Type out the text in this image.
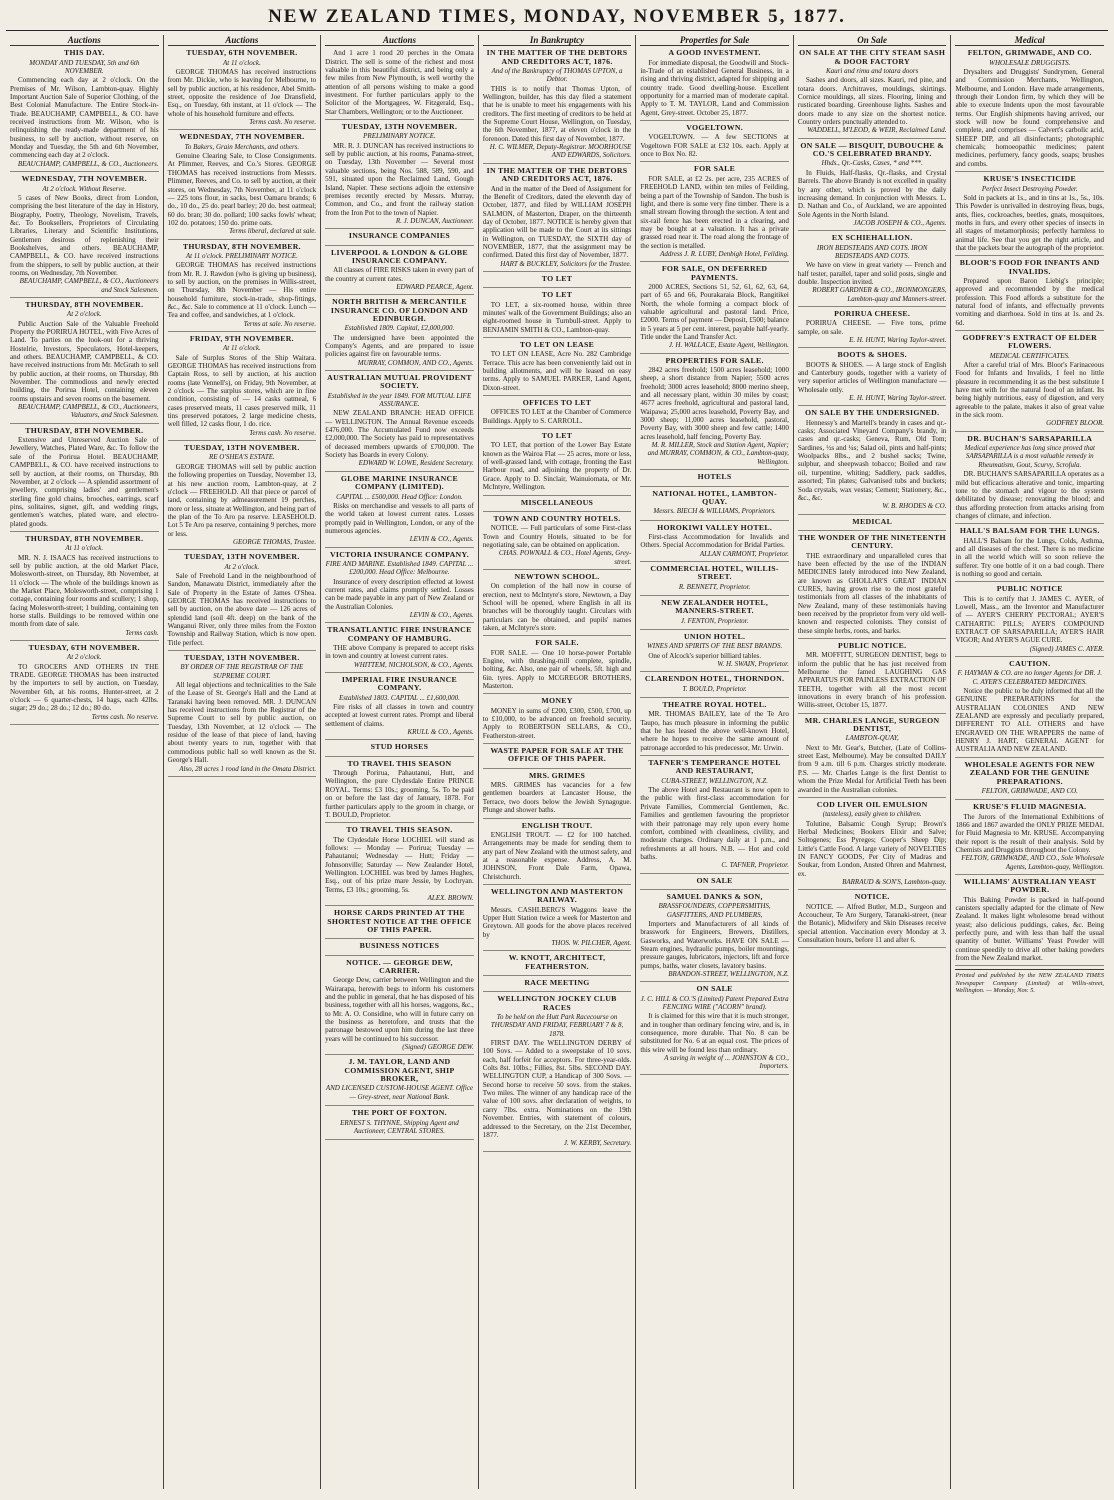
NEW ZEALAND TIMES, MONDAY, NOVEMBER 5, 1877.
Auctions
THIS DAY.
MONDAY AND TUESDAY, 5th and 6th NOVEMBER.
Commencing each day at 2 o'clock. On the Premises of Mr. Wilson, Lambton-quay. Highly Important Auction Sale of Superior Clothing, of the Best Colonial Manufacture. The Entire Stock-in-Trade. BEAUCHAMP, CAMPBELL, & CO. have received instructions from Mr. Wilson, who is relinquishing the ready-made department of his business, to sell by auction, without reserve, on Monday and Tuesday, the 5th and 6th November, commencing each day at 2 o'clock.
BEAUCHAMP, CAMPBELL, & CO., Auctioneers.
WEDNESDAY, 7TH NOVEMBER.
At 2 o'clock. Without Reserve.
5 cases of New Books, direct from London, comprising the best literature of the day in History, Biography, Poetry, Theology, Novelism, Travels, &c. To Booksellers, Proprietors of Circulating Libraries, Literary and Scientific Institutions, Gentlemen desirous of replenishing their Bookshelves, and others. BEAUCHAMP, CAMPBELL, & CO. have received instructions from the shippers, to sell by public auction, at their rooms, on Wednesday, 7th November.
BEAUCHAMP, CAMPBELL, & CO., Auctioneers and Stock Salesmen.
THURSDAY, 8TH NOVEMBER.
At 2 o'clock.
Public Auction Sale of the Valuable Freehold Property the PORIRUA HOTEL, with Five Acres of Land. To parties on the look-out for a thriving Hostelrie, Investors, Speculators, Hotel-keepers, and others. BEAUCHAMP, CAMPBELL, & CO. have received instructions from Mr. McGrath to sell by public auction, at their rooms, on Thursday, 8th November. The commodious and newly erected building, the Porirua Hotel, containing eleven rooms upstairs and seven rooms on the basement.
BEAUCHAMP, CAMPBELL, & CO., Auctioneers, Valuators, and Stock Salesmen.
THURSDAY, 8TH NOVEMBER.
Extensive and Unreserved Auction Sale of Jewellery, Watches, Plated Ware, &c. To follow the sale of the Porirua Hotel. BEAUCHAMP, CAMPBELL, & CO. have received instructions to sell by auction, at their rooms, on Thursday, 8th November, at 2 o'clock — A splendid assortment of jewellery, comprising ladies' and gentlemen's sterling fine gold chains, brooches, earrings, scarf pins, solitaires, signet, gift, and wedding rings, gentlemen's watches, plated ware, and electro-plated goods.
THURSDAY, 8TH NOVEMBER.
At 11 o'clock.
MR. N. J. ISAACS has received instructions to sell by public auction, at the old Market Place, Molesworth-street, on Thursday, 8th November, at 11 o'clock — The whole of the buildings known as the Market Place, Molesworth-street, comprising 1 cottage, containing four rooms and scullery; 1 shop, facing Molesworth-street; 1 building, containing ten horse stalls. Buildings to be removed within one month from date of sale.
Terms cash.
TUESDAY, 6TH NOVEMBER.
At 2 o'clock.
TO GROCERS AND OTHERS IN THE TRADE. GEORGE THOMAS has been instructed by the importers to sell by auction, on Tuesday, November 6th, at his rooms, Hunter-street, at 2 o'clock — 6 quarter-chests, 14 bags, each 42lbs. sugar; 29 do.; 28 do.; 12 do.; 80 do.
Terms cash. No reserve.
Auctions
TUESDAY, 6TH NOVEMBER.
At 11 o'clock.
GEORGE THOMAS has received instructions from Mr. Dickie, who is leaving for Melbourne, to sell by public auction, at his residence, Abel Smith-street, opposite the residence of Joe Dransfield, Esq., on Tuesday, 6th instant, at 11 o'clock — The whole of his household furniture and effects.
Terms cash. No reserve.
WEDNESDAY, 7TH NOVEMBER.
To Bakers, Grain Merchants, and others.
Genuine Clearing Sale, to Close Consignments. At Plimmer, Reeves, and Co.'s Stores. GEORGE THOMAS has received instructions from Messrs. Plimmer, Reeves, and Co. to sell by auction, at their stores, on Wednesday, 7th November, at 11 o'clock — 225 tons flour, in sacks, best Oamaru brands; 6 do., 10 do., 25 do. pearl barley; 20 do. best oatmeal; 60 do. bran; 30 do. pollard; 100 sacks fowls' wheat; 102 do. potatoes; 150 do. prime oats.
Terms liberal, declared at sale.
THURSDAY, 8TH NOVEMBER.
At 11 o'clock. PRELIMINARY NOTICE.
GEORGE THOMAS has received instructions from Mr. R. J. Rawdon (who is giving up business), to sell by auction, on the premises in Willis-street, on Thursday, 8th November — His entire household furniture, stock-in-trade, shop-fittings, &c., &c. Sale to commence at 11 o'clock. Lunch — Tea and coffee, and sandwiches, at 1 o'clock.
Terms at sale. No reserve.
FRIDAY, 9TH NOVEMBER.
At 11 o'clock.
Sale of Surplus Stores of the Ship Waitara. GEORGE THOMAS has received instructions from Captain Ross, to sell by auction, at his auction rooms (late Vennell's), on Friday, 9th November, at 2 o'clock — The surplus stores, which are in fine condition, consisting of — 14 casks oatmeal, 6 cases preserved meats, 11 cases preserved milk, 11 tins preserved potatoes, 2 large medicine chests, well filled, 12 casks flour, 1 do. rice.
Terms cash. No reserve.
TUESDAY, 13TH NOVEMBER.
RE O'SHEA'S ESTATE.
GEORGE THOMAS will sell by public auction the following properties on Tuesday, November 13, at his new auction room, Lambton-quay, at 2 o'clock — FREEHOLD. All that piece or parcel of land, containing by admeasurement 19 perches, more or less, situate at Wellington, and being part of the plan of the To Aro pa reserve. LEASEHOLD. Lot 5 Te Aro pa reserve, containing 9 perches, more or less.
GEORGE THOMAS, Trustee.
TUESDAY, 13TH NOVEMBER.
At 2 o'clock.
Sale of Freehold Land in the neighbourhood of Sandon, Manawatu District, immediately after the Sale of Property in the Estate of James O'Shea. GEORGE THOMAS has received instructions to sell by auction, on the above date — 126 acres of splendid land (soil 4ft. deep) on the bank of the Wanganui River, only three miles from the Foxton Township and Railway Station, which is now open. Title perfect.
TUESDAY, 13TH NOVEMBER.
BY ORDER OF THE REGISTRAR OF THE SUPREME COURT.
All legal objections and technicalities to the Sale of the Lease of St. George's Hall and the Land at Taranaki having been removed. MR. J. DUNCAN has received instructions from the Registrar of the Supreme Court to sell by public auction, on Tuesday, 13th November, at 12 o'clock — The residue of the lease of that piece of land, having about twenty years to run, together with that commodious public hall so well known as the St. George's Hall.
Also, 28 acres 1 rood land in the Omata District.
Auctions
And 1 acre 1 rood 20 perches in the Omata District. The sell is some of the richest and most valuable in this beautiful district, and being only a few miles from New Plymouth, is well worthy the attention of all persons wishing to make a good investment. For further particulars apply to the Solicitor of the Mortgagees, W. Fitzgerald, Esq., Star Chambers, Wellington; or to the Auctioneer.
TUESDAY, 13TH NOVEMBER.
PRELIMINARY NOTICE.
MR. R. J. DUNCAN has received instructions to sell by public auction, at his rooms, Panama-street, on Tuesday, 13th November — Several most valuable sections, being Nos. 588, 589, 590, and 591, situated upon the Reclaimed Land, Gough Island, Napier. These sections adjoin the extensive premises recently erected by Messrs. Murray, Common, and Co., and front the railway station from the Iron Pot to the town of Napier.
R. J. DUNCAN, Auctioneer.
INSURANCE COMPANIES
LIVERPOOL & LONDON & GLOBE INSURANCE COMPANY.
All classes of FIRE RISKS taken in every part of the country at current rates.
EDWARD PEARCE, Agent.
NORTH BRITISH & MERCANTILE INSURANCE CO. OF LONDON AND EDINBURGH.
Established 1809. Capital, £2,000,000.
The undersigned have been appointed the Company's Agents, and are prepared to issue policies against fire on favourable terms.
MURRAY, COMMON, AND CO., Agents.
AUSTRALIAN MUTUAL PROVIDENT SOCIETY.
Established in the year 1849. FOR MUTUAL LIFE ASSURANCE.
NEW ZEALAND BRANCH: HEAD OFFICE — WELLINGTON. The Annual Revenue exceeds £476,000. The Accumulated Fund now exceeds £2,000,000. The Society has paid to representatives of deceased members upwards of £700,000. The Society has Boards in every Colony.
EDWARD W. LOWE, Resident Secretary.
GLOBE MARINE INSURANCE COMPANY (LIMITED).
CAPITAL ... £500,000. Head Office: London.
Risks on merchandise and vessels to all parts of the world taken at lowest current rates. Losses promptly paid in Wellington, London, or any of the numerous agencies.
LEVIN & CO., Agents.
VICTORIA INSURANCE COMPANY.
FIRE AND MARINE. Established 1849. CAPITAL ... £200,000. Head Office: Melbourne.
Insurance of every description effected at lowest current rates, and claims promptly settled. Losses can be made payable in any part of New Zealand or the Australian Colonies.
LEVIN & CO., Agents.
TRANSATLANTIC FIRE INSURANCE COMPANY OF HAMBURG.
THE above Company is prepared to accept risks in town and country at lowest current rates.
WHITTEM, NICHOLSON, & CO., Agents.
IMPERIAL FIRE INSURANCE COMPANY.
Established 1803. CAPITAL ... £1,600,000.
Fire risks of all classes in town and country accepted at lowest current rates. Prompt and liberal settlement of claims.
KRULL & CO., Agents.
STUD HORSES
TO TRAVEL THIS SEASON
Through Porirua, Pahautanui, Hutt, and Wellington, the pure Clydesdale Entire PRINCE ROYAL. Terms: £3 10s.; grooming, 5s. To be paid on or before the last day of January, 1878. For further particulars apply to the groom in charge, or T. BOULD, Proprietor.
TO TRAVEL THIS SEASON.
The Clydesdale Horse LOCHIEL will stand as follows: — Monday — Porirua; Tuesday — Pahautanui; Wednesday — Hutt; Friday — Johnsonville; Saturday — New Zealander Hotel, Wellington. LOCHIEL was bred by James Hughes, Esq., out of his prize mare Jessie, by Lochryan. Terms, £3 10s.; grooming, 5s.
ALEX. BROWN.
HORSE CARDS PRINTED AT THE SHORTEST NOTICE AT THE OFFICE OF THIS PAPER.
BUSINESS NOTICES
NOTICE. — GEORGE DEW, CARRIER.
George Dew, carrier between Wellington and the Wairarapa, herewith begs to inform his customers and the public in general, that he has disposed of his business, together with all his horses, waggons, &c., to Mr. A. O. Considine, who will in future carry on the business as heretofore, and trusts that the patronage bestowed upon him during the last three years will be continued to his successor.
(Signed) GEORGE DEW.
J. M. TAYLOR, LAND AND COMMISSION AGENT, SHIP BROKER,
AND LICENSED CUSTOM-HOUSE AGENT. Office — Grey-street, near National Bank.
THE PORT OF FOXTON.
ERNEST S. THYNNE, Shipping Agent and Auctioneer, CENTRAL STORES.
In Bankruptcy
IN THE MATTER OF THE DEBTORS AND CREDITORS ACT, 1876.
And of the Bankruptcy of THOMAS UPTON, a Debtor.
THIS is to notify that Thomas Upton, of Wellington, builder, has this day filed a statement that he is unable to meet his engagements with his creditors. The first meeting of creditors to be held at the Supreme Court House, Wellington, on Tuesday, the 6th November, 1877, at eleven o'clock in the forenoon. Dated this first day of November, 1877.
H. C. WILMER, Deputy-Registrar. MOORHOUSE AND EDWARDS, Solicitors.
IN THE MATTER OF THE DEBTORS AND CREDITORS ACT, 1876.
And in the matter of the Deed of Assignment for the Benefit of Creditors, dated the eleventh day of October, 1877, and filed by WILLIAM JOSEPH SALMON, of Masterton, Draper, on the thirteenth day of October, 1877. NOTICE is hereby given that application will be made to the Court at its sittings in Wellington, on TUESDAY, the SIXTH day of NOVEMBER, 1877, that the assignment may be confirmed. Dated this first day of November, 1877.
HART & BUCKLEY, Solicitors for the Trustee.
TO LET
TO LET
TO LET, a six-roomed house, within three minutes' walk of the Government Buildings; also an eight-roomed house in Turnbull-street. Apply to BENJAMIN SMITH & CO., Lambton-quay.
TO LET ON LEASE
TO LET ON LEASE, Acre No. 282 Cambridge Terrace. This acre has been conveniently laid out in building allotments, and will be leased on easy terms. Apply to SAMUEL PARKER, Land Agent, Dixon-street.
OFFICES TO LET
OFFICES TO LET at the Chamber of Commerce Buildings. Apply to S. CARROLL.
TO LET
TO LET, that portion of the Lower Bay Estate known as the Wairoa Flat — 25 acres, more or less, of well-grassed land, with cottage, fronting the East Harbour road, and adjoining the property of Dr. Grace. Apply to D. Sinclair, Wainuiomata, or Mr. McIntyre, Wellington.
MISCELLANEOUS
TOWN AND COUNTRY HOTELS.
NOTICE. — Full particulars of some First-class Town and Country Hotels, situated to be for negotiating sale, can be obtained on application.
CHAS. POWNALL & CO., Hotel Agents, Grey-street.
NEWTOWN SCHOOL.
On completion of the hall now in course of erection, next to McIntyre's store, Newtown, a Day School will be opened, where English in all its branches will be thoroughly taught. Circulars with particulars can be obtained, and pupils' names taken, at McIntyre's store.
FOR SALE.
FOR SALE. — One 10 horse-power Portable Engine, with thrashing-mill complete, spindle, bolting, &c. Also, one pair of wheels, 5ft. high and 6in. tyres. Apply to MCGREGOR BROTHERS, Masterton.
MONEY
MONEY in sums of £200, £300, £500, £700, up to £10,000, to be advanced on freehold security. Apply to ROBERTSON SELLARS, & CO., Featherston-street.
WASTE PAPER FOR SALE AT THE OFFICE OF THIS PAPER.
MRS. GRIMES
MRS. GRIMES has vacancies for a few gentlemen boarders at Lancaster House, the Terrace, two doors below the Jewish Synagogue. Plunge and shower baths.
ENGLISH TROUT.
ENGLISH TROUT. — £2 for 100 hatched. Arrangements may be made for sending them to any part of New Zealand with the utmost safety, and at a reasonable expense. Address, A. M. JOHNSON, Front Dale Farm, Opawa, Christchurch.
WELLINGTON AND MASTERTON RAILWAY.
Messrs. CASHLBERG'S Waggons leave the Upper Hutt Station twice a week for Masterton and Greytown. All goods for the above places received by
THOS. W. PILCHER, Agent.
W. KNOTT, ARCHITECT, FEATHERSTON.
RACE MEETING
WELLINGTON JOCKEY CLUB RACES
To be held on the Hutt Park Racecourse on THURSDAY AND FRIDAY, FEBRUARY 7 & 8, 1878.
FIRST DAY. The WELLINGTON DERBY of 100 Sovs. — Added to a sweepstake of 10 sovs. each, half forfeit for acceptors. For three-year-olds. Colts 8st. 10lbs.; Fillies, 8st. 5lbs. SECOND DAY. WELLINGTON CUP, a Handicap of 300 Sovs. — Second horse to receive 50 sovs. from the stakes. Two miles. The winner of any handicap race of the value of 100 sovs. after declaration of weights, to carry 7lbs. extra. Nominations on the 19th November. Entries, with statement of colours, addressed to the Secretary, on the 21st December, 1877.
J. W. KERBY, Secretary.
Properties for Sale
A GOOD INVESTMENT.
For immediate disposal, the Goodwill and Stock-in-Trade of an established General Business, in a rising and thriving district, adapted for shipping and country trade. Good dwelling-house. Excellent opportunity for a married man of moderate capital. Apply to T. M. TAYLOR, Land and Commission Agent, Grey-street. October 25, 1877.
VOGELTOWN.
VOGELTOWN. — A few SECTIONS at Vogeltown FOR SALE at £32 10s. each. Apply at once to Box No. 82.
FOR SALE
FOR SALE, at £2 2s. per acre, 235 ACRES of FREEHOLD LAND, within ten miles of Feilding, being a part of the Township of Sandon. The bush is light, and there is some very fine timber. There is a small stream flowing through the section. A tent and six-rail fence has been erected in a clearing, and may be bought at a valuation. It has a private grassed road near it. The road along the frontage of the section is metalled.
Address J. R. LUBY, Denbigh Hotel, Feilding.
FOR SALE, ON DEFERRED PAYMENTS.
2000 ACRES, Sections 51, 52, 61, 62, 63, 64, part of 65 and 66, Pourakaraia Block, Rangitikei North, the whole forming a compact block of valuable agricultural and pastoral land. Price, £2000. Terms of payment — Deposit, £500; balance in 5 years at 5 per cent. interest, payable half-yearly. Title under the Land Transfer Act.
J. H. WALLACE, Estate Agent, Wellington.
PROPERTIES FOR SALE.
2842 acres freehold; 1500 acres leasehold; 1000 sheep, a short distance from Napier; 5500 acres freehold; 3000 acres leasehold; 8000 merino sheep, and all necessary plant, within 30 miles by coast; 4677 acres freehold, agricultural and pastoral land, Waipawa; 25,000 acres leasehold, Poverty Bay, and 3000 sheep; 11,000 acres leasehold, pastoral, Poverty Bay, with 3000 sheep and few cattle; 1400 acres leasehold, half fencing, Poverty Bay.
M. R. MILLER, Stock and Station Agent, Napier; and MURRAY, COMMON, & CO., Lambton-quay, Wellington.
HOTELS
NATIONAL HOTEL, LAMBTON-QUAY.
Messrs. BIECH & WILLIAMS, Proprietors.
HOROKIWI VALLEY HOTEL.
First-class Accommodation for Invalids and Others. Special Accommodation for Bridal Parties.
ALLAN CARMONT, Proprietor.
COMMERCIAL HOTEL, WILLIS-STREET.
R. BENNETT, Proprietor.
NEW ZEALANDER HOTEL, MANNERS-STREET.
J. FENTON, Proprietor.
UNION HOTEL.
WINES AND SPIRITS OF THE BEST BRANDS.
One of Alcock's superior billiard tables.
W. H. SWAIN, Proprietor.
CLARENDON HOTEL, THORNDON.
T. BOULD, Proprietor.
THEATRE ROYAL HOTEL.
MR. THOMAS BAILEY, late of the Te Aro Taupo, has much pleasure in informing the public that he has leased the above well-known Hotel, where he hopes to receive the same amount of patronage accorded to his predecessor, Mr. Urwin.
TAFNER'S TEMPERANCE HOTEL AND RESTAURANT,
CUBA-STREET, WELLINGTON, N.Z.
The above Hotel and Restaurant is now open to the public with first-class accommodation for Private Families, Commercial Gentlemen, &c. Families and gentlemen favouring the proprietor with their patronage may rely upon every home comfort, combined with cleanliness, civility, and moderate charges. Ordinary daily at 1 p.m., and refreshments at all hours. N.B. — Hot and cold baths.
C. TAFNER, Proprietor.
ON SALE
SAMUEL DANKS & SON,
BRASSFOUNDERS, COPPERSMITHS, GASFITTERS, AND PLUMBERS,
Importers and Manufacturers of all kinds of brasswork for Engineers, Brewers, Distillers, Gasworks, and Waterworks. HAVE ON SALE — Steam engines, hydraulic pumps, boiler mountings, pressure gauges, lubricators, injectors, lift and force pumps, baths, water closets, lavatory basins.
BRANDON-STREET, WELLINGTON, N.Z.
ON SALE
J. C. HILL & CO.'S (Limited) Patent Prepared Extra FENCING WIRE ("ACORN" brand).
It is claimed for this wire that it is much stronger, and in tougher than ordinary fencing wire, and is, in consequence, more durable. That No. 8 can be substituted for No. 6 at an equal cost. The prices of this wire will be found less than ordinary.
A saving in weight of ... JOHNSTON & CO., Importers.
On Sale
ON SALE AT THE CITY STEAM SASH & DOOR FACTORY
Kauri and rimu and totara doors
Sashes and doors, all sizes. Kauri, red pine, and totara doors. Architraves, mouldings, skirtings. Cornice mouldings, all sizes. Flooring, lining and rusticated boarding. Greenhouse lights. Sashes and doors made to any size on the shortest notice. Country orders punctually attended to.
WADDELL, M'LEOD, & WEIR, Reclaimed Land.
ON SALE — BISQUIT, DUBOUCHE & CO.'S CELEBRATED BRANDY.
Hhds., Qr.-Casks, Cases, * and ***.
In Fluids, Half-flasks, Qr.-flasks, and Crystal Barrels. The above Brandy is not excelled in quality by any other, which is proved by the daily increasing demand. In conjunction with Messrs. L. D. Nathan and Co., of Auckland, we are appointed Sole Agents in the North Island.
JACOB JOSEPH & CO., Agents.
EX SCHIEHALLION.
IRON BEDSTEADS AND COTS. IRON BEDSTEADS AND COTS.
We have on view in great variety — French and half tester, parallel, taper and solid posts, single and double. Inspection invited.
ROBERT GARDNER & CO., IRONMONGERS, Lambton-quay and Manners-street.
PORIRUA CHEESE.
PORIRUA CHEESE. — Five tons, prime sample, on sale.
E. H. HUNT, Waring Taylor-street.
BOOTS & SHOES.
BOOTS & SHOES. — A large stock of English and Canterbury goods, together with a variety of very superior articles of Wellington manufacture — Wholesale only.
E. H. HUNT, Waring Taylor-street.
ON SALE BY THE UNDERSIGNED.
Hennessy's and Martell's brandy in cases and qr.-casks; Associated Vineyard Company's brandy, in cases and qr.-casks; Geneva, Rum, Old Tom; Sardines, ½s and ¼s; Salad oil, pints and half-pints; Woolpacks 8lbs., and 2 bushel sacks; Twine, sulphur, and sheepwash tobacco; Boiled and raw oil, turpentine, whiting; Saddlery, pack saddles, assorted; Tin plates; Galvanised tubs and buckets; Soda crystals, wax vestas; Cement; Stationery, &c., &c., &c.
W. B. RHODES & CO.
MEDICAL
THE WONDER OF THE NINETEENTH CENTURY.
THE extraordinary and unparalleled cures that have been effected by the use of the INDIAN MEDICINES lately introduced into New Zealand, are known as GHOLLAR'S GREAT INDIAN CURES, having grown rise to the most grateful testimonials from all classes of the inhabitants of New Zealand, many of these testimonials having been received by the proprietor from very old well-known and respected colonists. They consist of these simple herbs, roots, and barks.
PUBLIC NOTICE.
MR. MOFFITT, SURGEON DENTIST, begs to inform the public that he has just received from Melbourne the famed LAUGHING GAS APPARATUS FOR PAINLESS EXTRACTION OF TEETH, together with all the most recent innovations in every branch of his profession. Willis-street, October 15, 1877.
MR. CHARLES LANGE, SURGEON DENTIST,
LAMBTON-QUAY,
Next to Mr. Gear's, Butcher, (Late of Collins-street East, Melbourne). May be consulted DAILY from 9 a.m. till 6 p.m. Charges strictly moderate. P.S. — Mr. Charles Lange is the first Dentist to whom the Prize Medal for Artificial Teeth has been awarded in the Australian colonies.
COD LIVER OIL EMULSION
(tasteless), easily given to children.
Tolutine, Balsamic Cough Syrup; Brown's Herbal Medicines; Bookers Elixir and Salve; Soltogenes; Ess Pyreges; Cooper's Sheep Dip; Little's Cattle Food. A large variety of NOVELTIES IN FANCY GOODS, Per City of Madras and Soukar, from London, Ansted Ohren and Mahrnest, ex.
BARRAUD & SON'S, Lambton-quay.
NOTICE.
NOTICE. — Alfred Butler, M.D., Surgeon and Accoucheur, Te Aro Surgery, Taranaki-street, (near the Botanic), Midwifery and Skin Diseases receive special attention. Vaccination every Monday at 3. Consultation hours, before 11 and after 6.
Medical
FELTON, GRIMWADE, AND CO.
WHOLESALE DRUGGISTS.
Drysalters and Druggists' Sundrymen, General and Commission Merchants, Wellington, Melbourne, and London. Have made arrangements, through their London firm, by which they will be able to execute Indents upon the most favourable terms. Our English shipments having arrived, our stock will now be found comprehensive and complete, and comprises — Calvert's carbolic acid, SHEEP DIP, and all disinfectants; photographic chemicals; homoeopathic medicines; patent medicines, perfumery, fancy goods, soaps; brushes and combs.
KRUSE'S INSECTICIDE
Perfect Insect Destroying Powder.
Sold in packets at 1s., and in tins at 1s., 5s., 10s. This Powder is unrivalled in destroying fleas, bugs, ants, flies, cockroaches, beetles, gnats, mosquitoes, moths in furs, and every other species of insects in all stages of metamorphosis; perfectly harmless to animal life. See that you get the right article, and that the packets bear the autograph of the proprietor.
BLOOR'S FOOD FOR INFANTS AND INVALIDS.
Prepared upon Baron Liebig's principle; approved and recommended by the medical profession. This Food affords a substitute for the natural food of infants, and effectually prevents vomiting and diarrhoea. Sold in tins at 1s. and 2s. 6d.
GODFREY'S EXTRACT OF ELDER FLOWERS.
MEDICAL CERTIFICATES.
After a careful trial of Mrs. Bloor's Farinaceous Food for Infants and Invalids, I feel no little pleasure in recommending it as the best substitute I have met with for the natural food of an infant. Its being highly nutritious, easy of digestion, and very agreeable to the palate, makes it also of great value in the sick room.
GODFREY BLOOR.
DR. BUCHAN'S SARSAPARILLA
Medical experience has long since proved that SARSAPARILLA is a most valuable remedy in Rheumatism, Gout, Scurvy, Scrofula.
DR. BUCHAN'S SARSAPARILLA operates as a mild but efficacious alterative and tonic, imparting tone to the stomach and vigour to the system debilitated by disease; renovating the blood; and thus affording protection from attacks arising from changes of climate, and infection.
HALL'S BALSAM FOR THE LUNGS.
HALL'S Balsam for the Lungs, Colds, Asthma, and all diseases of the chest. There is no medicine in all the world which will so soon relieve the sufferer. Try one bottle of it on a bad cough. There is nothing so good and certain.
PUBLIC NOTICE
This is to certify that J. JAMES C. AYER, of Lowell, Mass., am the Inventor and Manufacturer of — AYER'S CHERRY PECTORAL; AYER'S CATHARTIC PILLS; AYER'S COMPOUND EXTRACT OF SARSAPARILLA; AYER'S HAIR VIGOR; And AYER'S AGUE CURE.
(Signed) JAMES C. AYER.
CAUTION.
F. HAYMAN & CO. are no longer Agents for DR. J. C. AYER'S CELEBRATED MEDICINES.
Notice the public to be duly informed that all the GENUINE PREPARATIONS for the AUSTRALIAN COLONIES AND NEW ZEALAND are expressly and peculiarly prepared, DIFFERENT TO ALL OTHERS and have ENGRAVED ON THE WRAPPERS the name of HENRY J. HART, GENERAL AGENT for AUSTRALIA AND NEW ZEALAND.
WHOLESALE AGENTS FOR NEW ZEALAND FOR THE GENUINE PREPARATIONS.
FELTON, GRIMWADE, AND CO.
KRUSE'S FLUID MAGNESIA.
The Jurors of the International Exhibitions of 1866 and 1867 awarded the ONLY PRIZE MEDAL for Fluid Magnesia to Mr. KRUSE. Accompanying their report is the result of their analysis. Sold by Chemists and Druggists throughout the Colony.
FELTON, GRIMWADE, AND CO., Sole Wholesale Agents, Lambton-quay, Wellington.
WILLIAMS' AUSTRALIAN YEAST POWDER.
This Baking Powder is packed in half-pound canisters specially adapted for the climate of New Zealand. It makes light wholesome bread without yeast; also delicious puddings, cakes, &c. Being perfectly pure, and with less than half the usual quantity of butter. Williams' Yeast Powder will continue speedily to drive all other baking powders from the New Zealand market.
Printed and published by the NEW ZEALAND TIMES Newspaper Company (Limited) at Willis-street, Wellington. — Monday, Nov. 5.
